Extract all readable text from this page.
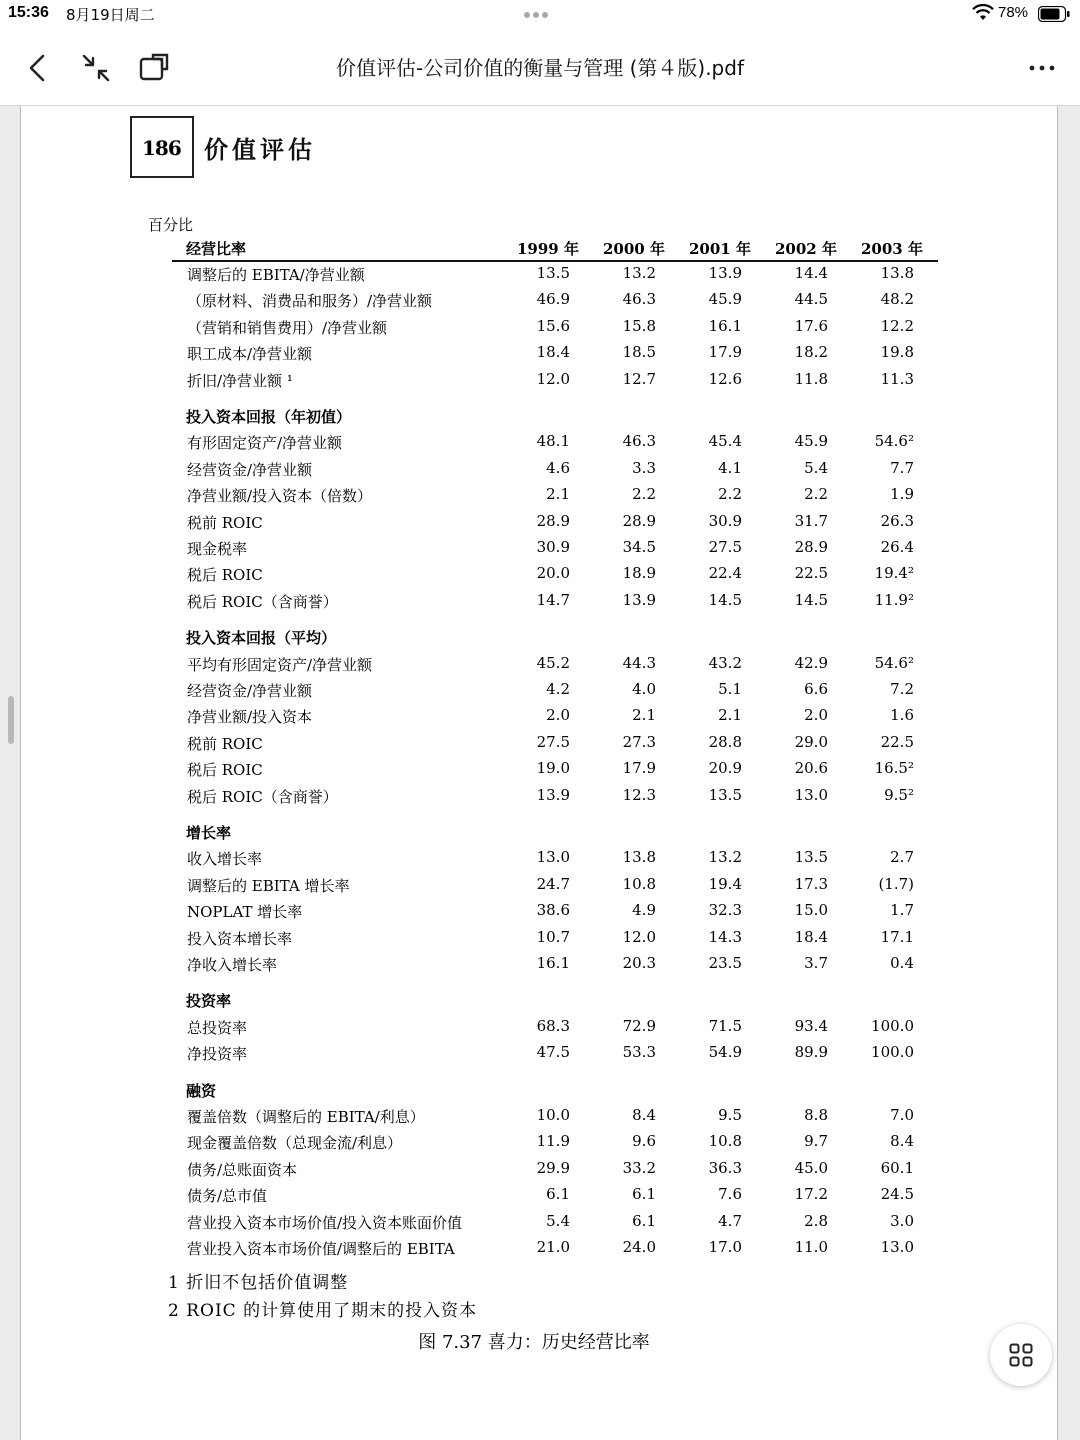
15:36 8月19日周二	78%
价值评估-公司价值的衡量与管理 (第４版).pdf
186 价值评估
百分比
经营比率	1999 年	2000 年	2001 年	2002 年	2003 年
调整后的 EBITA/净营业额	13.5	13.2	13.9	14.4	13.8
（原材料、消费品和服务）/净营业额	46.9	46.3	45.9	44.5	48.2
（营销和销售费用）/净营业额	15.6	15.8	16.1	17.6	12.2
职工成本/净营业额	18.4	18.5	17.9	18.2	19.8
折旧/净营业额 ¹	12.0	12.7	12.6	11.8	11.3
投入资本回报（年初值）
有形固定资产/净营业额	48.1	46.3	45.4	45.9	54.6²
经营资金/净营业额	4.6	3.3	4.1	5.4	7.7
净营业额/投入资本（倍数）	2.1	2.2	2.2	2.2	1.9
税前 ROIC	28.9	28.9	30.9	31.7	26.3
现金税率	30.9	34.5	27.5	28.9	26.4
税后 ROIC	20.0	18.9	22.4	22.5	19.4²
税后 ROIC（含商誉）	14.7	13.9	14.5	14.5	11.9²
投入资本回报（平均）
平均有形固定资产/净营业额	45.2	44.3	43.2	42.9	54.6²
经营资金/净营业额	4.2	4.0	5.1	6.6	7.2
净营业额/投入资本	2.0	2.1	2.1	2.0	1.6
税前 ROIC	27.5	27.3	28.8	29.0	22.5
税后 ROIC	19.0	17.9	20.9	20.6	16.5²
税后 ROIC（含商誉）	13.9	12.3	13.5	13.0	9.5²
增长率
收入增长率	13.0	13.8	13.2	13.5	2.7
调整后的 EBITA 增长率	24.7	10.8	19.4	17.3	(1.7)
NOPLAT 增长率	38.6	4.9	32.3	15.0	1.7
投入资本增长率	10.7	12.0	14.3	18.4	17.1
净收入增长率	16.1	20.3	23.5	3.7	0.4
投资率
总投资率	68.3	72.9	71.5	93.4	100.0
净投资率	47.5	53.3	54.9	89.9	100.0
融资
覆盖倍数（调整后的 EBITA/利息）	10.0	8.4	9.5	8.8	7.0
现金覆盖倍数（总现金流/利息）	11.9	9.6	10.8	9.7	8.4
债务/总账面资本	29.9	33.2	36.3	45.0	60.1
债务/总市值	6.1	6.1	7.6	17.2	24.5
营业投入资本市场价值/投入资本账面价值	5.4	6.1	4.7	2.8	3.0
营业投入资本市场价值/调整后的 EBITA	21.0	24.0	17.0	11.0	13.0
1 折旧不包括价值调整
2 ROIC 的计算使用了期末的投入资本
图 7.37 喜力：历史经营比率
